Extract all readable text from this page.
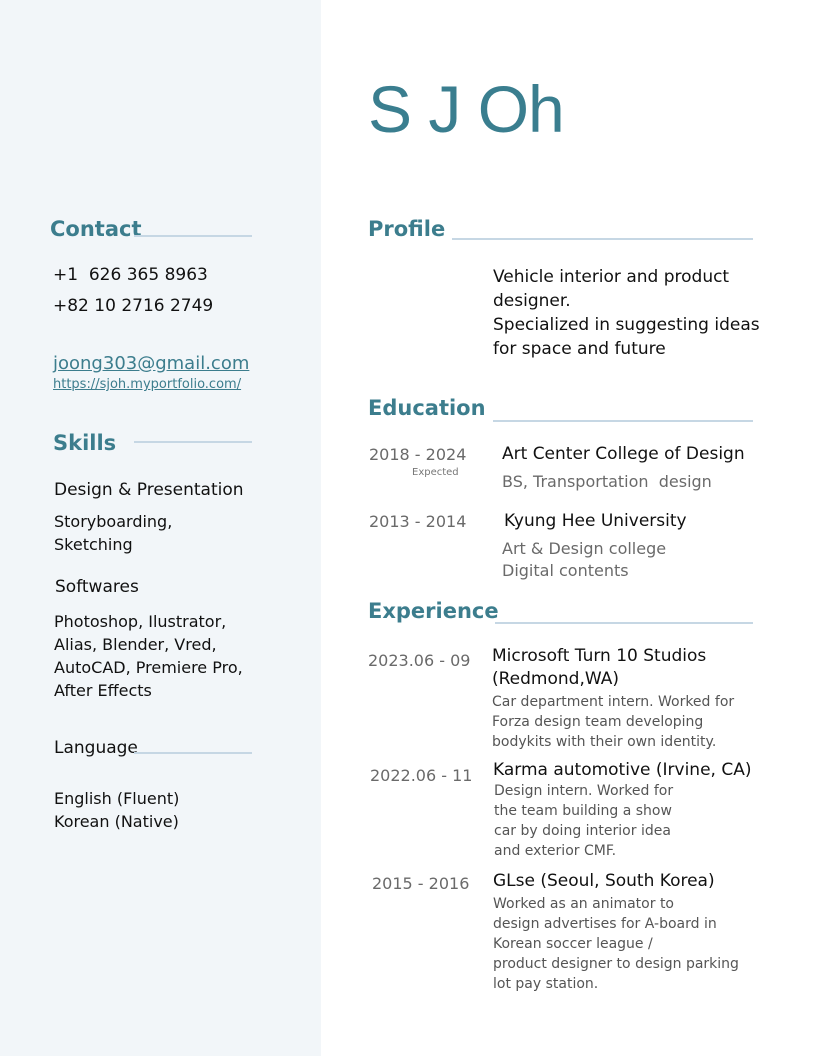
S J Oh
Contact
+1  626 365 8963
+82 10 2716 2749
joong303@gmail.com
https://sjoh.myportfolio.com/
Skills
Design & Presentation
Storyboarding,
Sketching
Softwares
Photoshop, Ilustrator,
Alias, Blender, Vred,
AutoCAD, Premiere Pro,
After Effects
Language
English (Fluent)
Korean (Native)
Profile
Vehicle interior and product
designer.
Specialized in suggesting ideas
for space and future
Education
2018 - 2024
Expected
Art Center College of Design
BS, Transportation  design
2013 - 2014 Kyung Hee University
Art & Design college
Digital contents
Experience
2023.06 - 09 Microsoft Turn 10 Studios
(Redmond,WA)
Car department intern. Worked for
Forza design team developing
bodykits with their own identity.
2022.06 - 11 Karma automotive (Irvine, CA)
Design intern. Worked for
the team building a show
car by doing interior idea
and exterior CMF.
2015 - 2016 GLse (Seoul, South Korea)
Worked as an animator to
design advertises for A-board in
Korean soccer league /
product designer to design parking
lot pay station.
